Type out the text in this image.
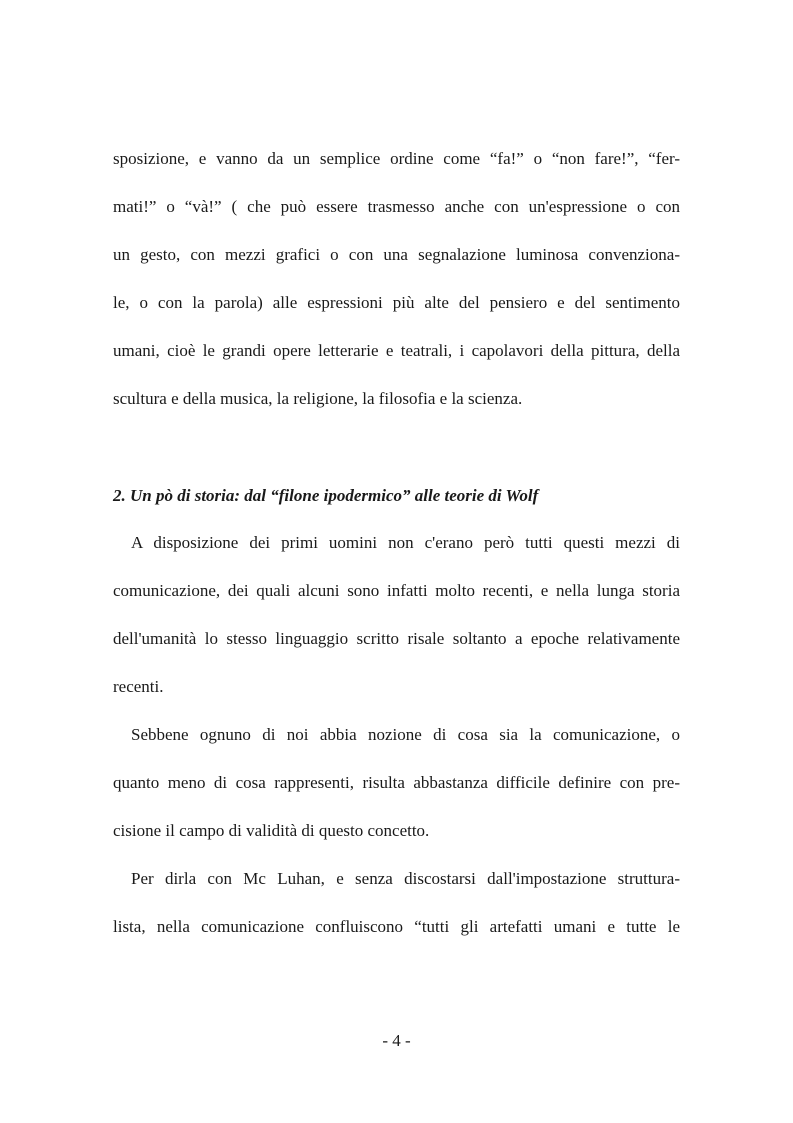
sposizione, e vanno da un semplice ordine come “fa!” o “non fare!”, “fer-
mati!” o “và!” ( che può essere trasmesso anche con un'espressione o con
un gesto, con mezzi grafici o con una segnalazione luminosa convenziona-
le, o con la parola) alle espressioni più alte del pensiero e del sentimento
umani, cioè le grandi opere letterarie e teatrali, i capolavori della pittura, della
scultura e della musica, la religione, la filosofia e la scienza.
2. Un pò di storia: dal “filone ipodermico” alle teorie di Wolf
A disposizione dei primi uomini non c'erano però tutti questi mezzi di
comunicazione, dei quali alcuni sono infatti molto recenti, e nella lunga storia
dell'umanità lo stesso linguaggio scritto risale soltanto a epoche relativamente
recenti.
Sebbene ognuno di noi abbia nozione di cosa sia la comunicazione, o
quanto meno di cosa rappresenti, risulta abbastanza difficile definire con pre-
cisione il campo di validità di questo concetto.
Per dirla con Mc Luhan, e senza discostarsi dall'impostazione struttura-
lista, nella comunicazione confluiscono “tutti gli artefatti umani e tutte le
- 4 -
